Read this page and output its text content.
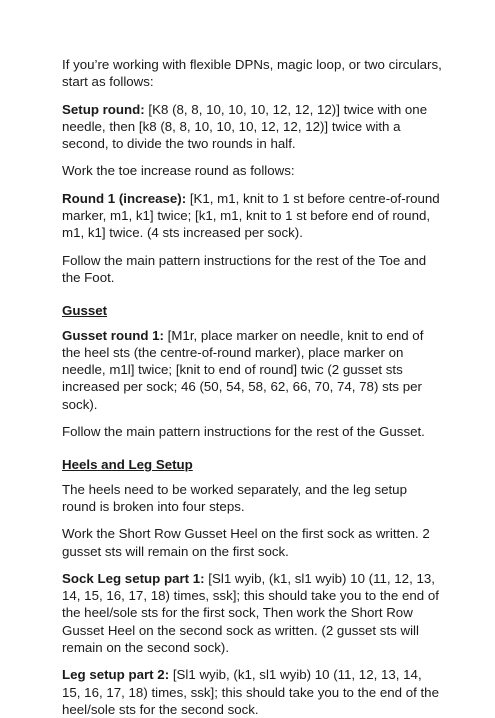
If you’re working with flexible DPNs, magic loop, or two circulars, start as follows:

Setup round: [K8 (8, 8, 10, 10, 10, 12, 12, 12)] twice with one needle, then [k8 (8, 8, 10, 10, 10, 12, 12, 12)] twice with a second, to divide the two rounds in half.

Work the toe increase round as follows:

Round 1 (increase): [K1, m1, knit to 1 st before centre-of-round marker, m1, k1] twice; [k1, m1, knit to 1 st before end of round, m1, k1] twice. (4 sts increased per sock).

Follow the main pattern instructions for the rest of the Toe and the Foot.

Gusset

Gusset round 1: [M1r, place marker on needle, knit to end of the heel sts (the centre-of-round marker), place marker on needle, m1l] twice; [knit to end of round] twic (2 gusset sts increased per sock; 46 (50, 54, 58, 62, 66, 70, 74, 78) sts per sock).

Follow the main pattern instructions for the rest of the Gusset.

Heels and Leg Setup

The heels need to be worked separately, and the leg setup round is broken into four steps.

Work the Short Row Gusset Heel on the first sock as written. 2 gusset sts will remain on the first sock.

Sock Leg setup part 1: [Sl1 wyib, (k1, sl1 wyib) 10 (11, 12, 13, 14, 15, 16, 17, 18) times, ssk]; this should take you to the end of the heel/sole sts for the first sock, Then work the Short Row Gusset Heel on the second sock as written. (2 gusset sts will remain on the second sock).

Leg setup part 2: [Sl1 wyib, (k1, sl1 wyib) 10 (11, 12, 13, 14, 15, 16, 17, 18) times, ssk]; this should take you to the end of the heel/sole sts for the second sock.
